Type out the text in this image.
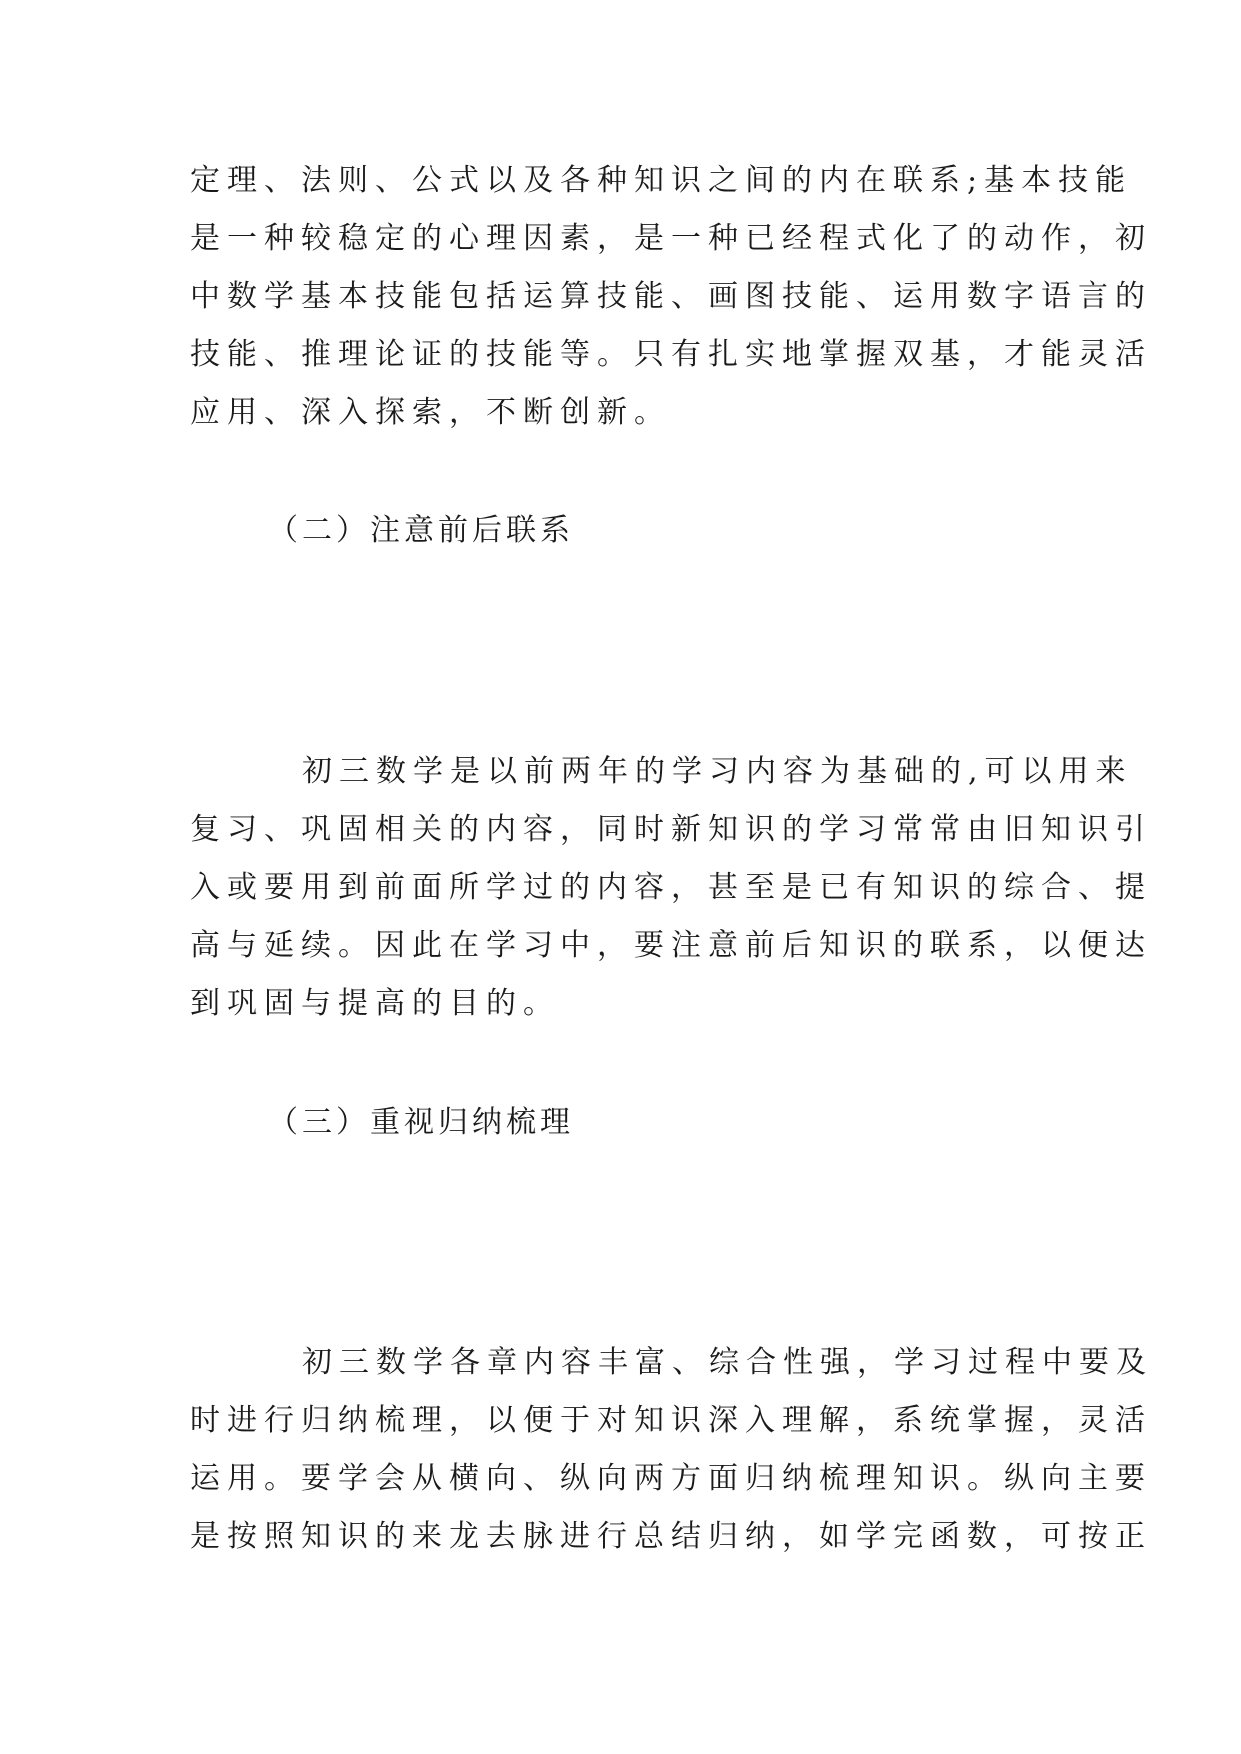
定理、法则、公式以及各种知识之间的内在联系;基本技能
是一种较稳定的心理因素，是一种已经程式化了的动作，初
中数学基本技能包括运算技能、画图技能、运用数字语言的
技能、推理论证的技能等。只有扎实地掌握双基，才能灵活
应用、深入探索，不断创新。
（二）注意前后联系
初三数学是以前两年的学习内容为基础的,可以用来
复习、巩固相关的内容，同时新知识的学习常常由旧知识引
入或要用到前面所学过的内容，甚至是已有知识的综合、提
高与延续。因此在学习中，要注意前后知识的联系，以便达
到巩固与提高的目的。
（三）重视归纳梳理
初三数学各章内容丰富、综合性强，学习过程中要及
时进行归纳梳理，以便于对知识深入理解，系统掌握，灵活
运用。要学会从横向、纵向两方面归纳梳理知识。纵向主要
是按照知识的来龙去脉进行总结归纳，如学完函数，可按正
